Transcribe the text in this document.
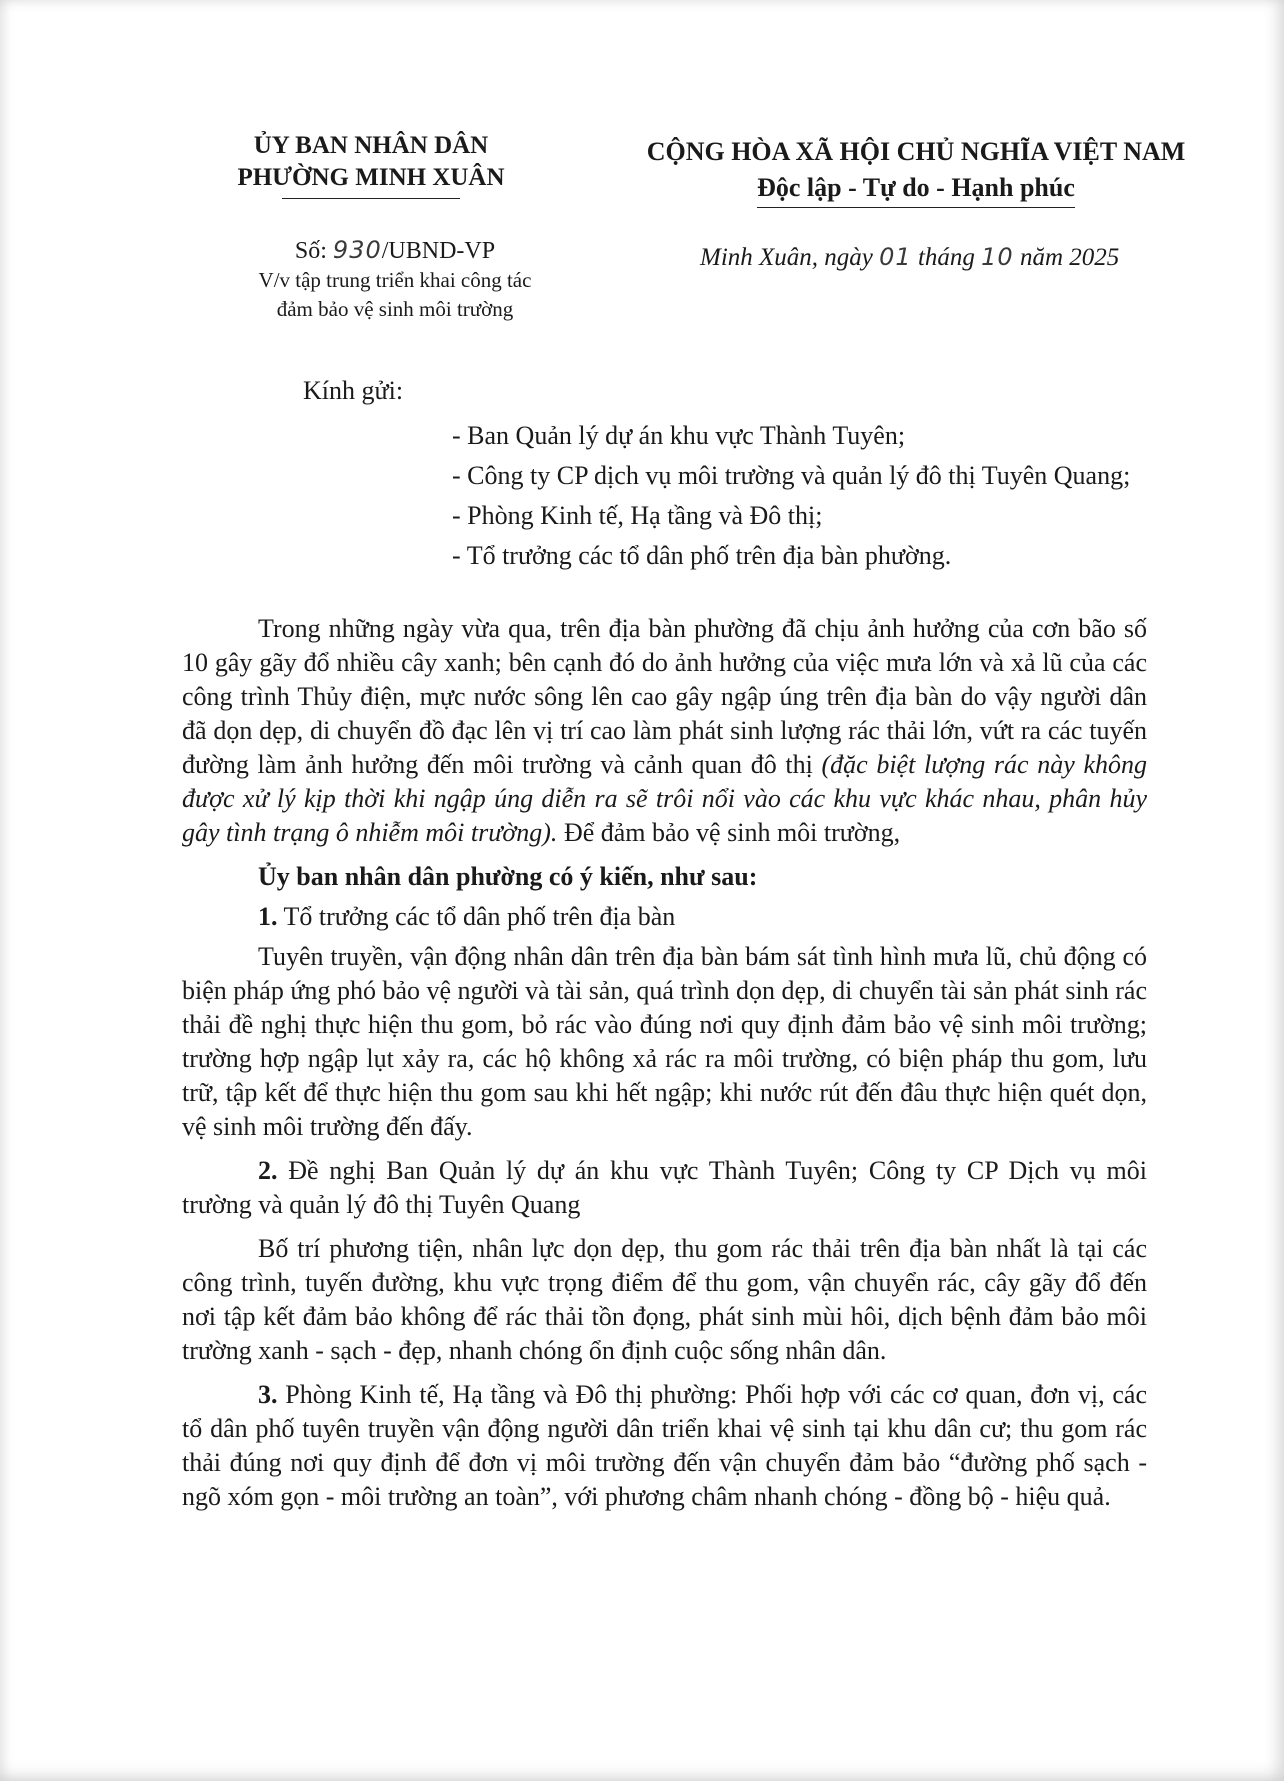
ỦY BAN NHÂN DÂN
PHƯỜNG MINH XUÂN
CỘNG HÒA XÃ HỘI CHỦ NGHĨA VIỆT NAM
Độc lập - Tự do - Hạnh phúc
Số: 930/UBND-VP
V/v tập trung triển khai công tác
đảm bảo vệ sinh môi trường
Minh Xuân, ngày 01 tháng 10 năm 2025
Kính gửi:
- Ban Quản lý dự án khu vực Thành Tuyên;
- Công ty CP dịch vụ môi trường và quản lý đô thị Tuyên Quang;
- Phòng Kinh tế, Hạ tầng và Đô thị;
- Tổ trưởng các tổ dân phố trên địa bàn phường.

Trong những ngày vừa qua, trên địa bàn phường đã chịu ảnh hưởng của cơn bão số 10 gây gãy đổ nhiều cây xanh; bên cạnh đó do ảnh hưởng của việc mưa lớn và xả lũ của các công trình Thủy điện, mực nước sông lên cao gây ngập úng trên địa bàn do vậy người dân đã dọn dẹp, di chuyển đồ đạc lên vị trí cao làm phát sinh lượng rác thải lớn, vứt ra các tuyến đường làm ảnh hưởng đến môi trường và cảnh quan đô thị (đặc biệt lượng rác này không được xử lý kịp thời khi ngập úng diễn ra sẽ trôi nổi vào các khu vực khác nhau, phân hủy gây tình trạng ô nhiễm môi trường). Để đảm bảo vệ sinh môi trường,

Ủy ban nhân dân phường có ý kiến, như sau:

1. Tổ trưởng các tổ dân phố trên địa bàn

Tuyên truyền, vận động nhân dân trên địa bàn bám sát tình hình mưa lũ, chủ động có biện pháp ứng phó bảo vệ người và tài sản, quá trình dọn dẹp, di chuyển tài sản phát sinh rác thải đề nghị thực hiện thu gom, bỏ rác vào đúng nơi quy định đảm bảo vệ sinh môi trường; trường hợp ngập lụt xảy ra, các hộ không xả rác ra môi trường, có biện pháp thu gom, lưu trữ, tập kết để thực hiện thu gom sau khi hết ngập; khi nước rút đến đâu thực hiện quét dọn, vệ sinh môi trường đến đấy.

2. Đề nghị Ban Quản lý dự án khu vực Thành Tuyên; Công ty CP Dịch vụ môi trường và quản lý đô thị Tuyên Quang

Bố trí phương tiện, nhân lực dọn dẹp, thu gom rác thải trên địa bàn nhất là tại các công trình, tuyến đường, khu vực trọng điểm để thu gom, vận chuyển rác, cây gãy đổ đến nơi tập kết đảm bảo không để rác thải tồn đọng, phát sinh mùi hôi, dịch bệnh đảm bảo môi trường xanh - sạch - đẹp, nhanh chóng ổn định cuộc sống nhân dân.

3. Phòng Kinh tế, Hạ tầng và Đô thị phường: Phối hợp với các cơ quan, đơn vị, các tổ dân phố tuyên truyền vận động người dân triển khai vệ sinh tại khu dân cư; thu gom rác thải đúng nơi quy định để đơn vị môi trường đến vận chuyển đảm bảo “đường phố sạch - ngõ xóm gọn - môi trường an toàn”, với phương châm nhanh chóng - đồng bộ - hiệu quả.
